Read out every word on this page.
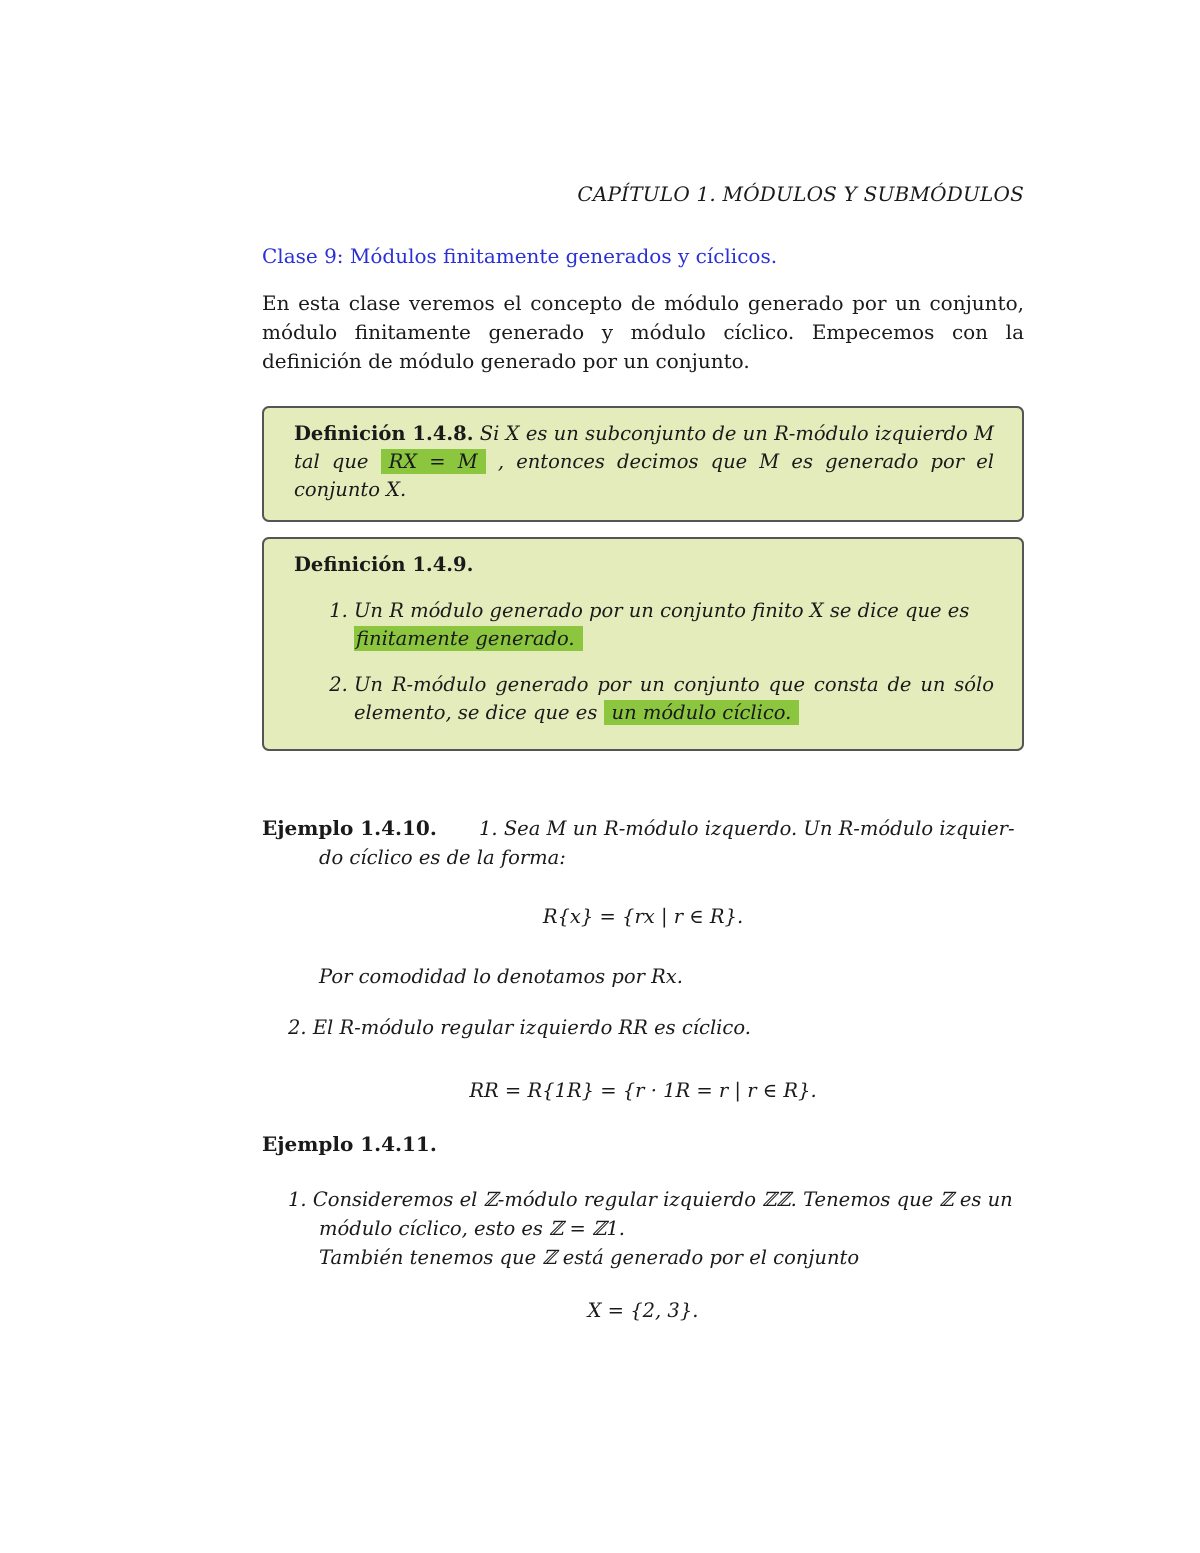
CAPÍTULO 1. MÓDULOS Y SUBMÓDULOS
Clase 9: Módulos finitamente generados y cíclicos.
En esta clase veremos el concepto de módulo generado por un conjunto, módulo finitamente generado y módulo cíclico. Empecemos con la definición de módulo generado por un conjunto.

Definición 1.4.8. Si X es un subconjunto de un R-módulo izquierdo M tal que RX = M , entonces decimos que M es generado por el conjunto X.

Definición 1.4.9.

1. Un R módulo generado por un conjunto finito X se dice que es
finitamente generado.
2. Un R-módulo generado por un conjunto que consta de un sólo elemento, se dice que es un módulo cíclico.
Ejemplo 1.4.10. 1. Sea M un R-módulo izquerdo. Un R-módulo izquier-
do cíclico es de la forma:
R{x} = {rx | r ∈ R}.
Por comodidad lo denotamos por Rx.
2. El R-módulo regular izquierdo RR es cíclico.
RR = R{1R} = {r · 1R = r | r ∈ R}.
Ejemplo 1.4.11.
1. Consideremos el ℤ-módulo regular izquierdo ℤℤ. Tenemos que ℤ es un
módulo cíclico, esto es ℤ = ℤ1.
También tenemos que ℤ está generado por el conjunto
X = {2, 3}.
